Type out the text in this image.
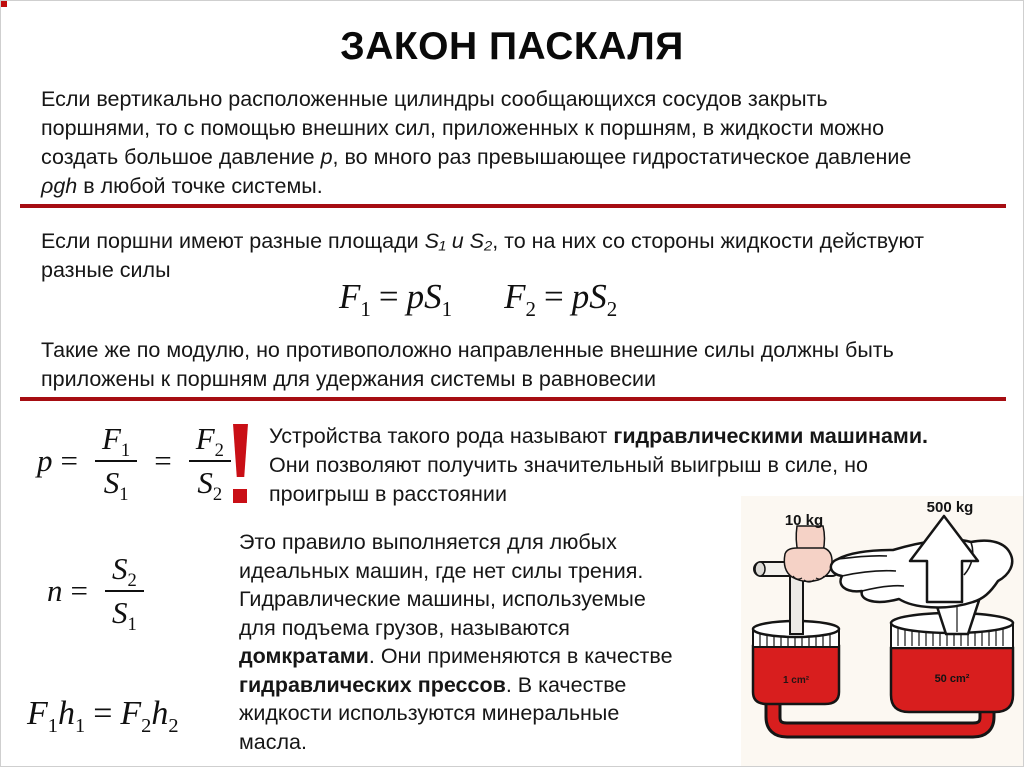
ЗАКОН ПАСКАЛЯ

Если вертикально расположенные цилиндры сообщающихся сосудов закрыть
поршнями, то с помощью внешних сил, приложенных к поршням, в жидкости можно
создать большое давление p, во много раз превышающее гидростатическое давление
ρgh в любой точке системы.

Если поршни имеют разные площади S₁ и S₂, то на них со стороны жидкости действуют
разные силы

$F_1 = pS_1$ $F_2 = pS_2$

Такие же по модулю, но противоположно направленные внешние силы должны быть
приложены к поршням для удержания системы в равновесии

$p = \frac{F_1}{S_1} = \frac{F_2}{S_2}$ Устройства такого рода называют гидравлическими машинами.
Они позволяют получить значительный выигрыш в силе, но
проигрыш в расстоянии

$n = \frac{S_2}{S_1}$

Это правило выполняется для любых
идеальных машин, где нет силы трения.
Гидравлические машины, используемые
для подъема грузов, называются
домкратами. Они применяются в качестве
гидравлических прессов. В качестве
жидкости используются минеральные
масла.

$F_1h_1 = F_2h_2$
1 cm²	50 cm²
10 kg
500 kg
